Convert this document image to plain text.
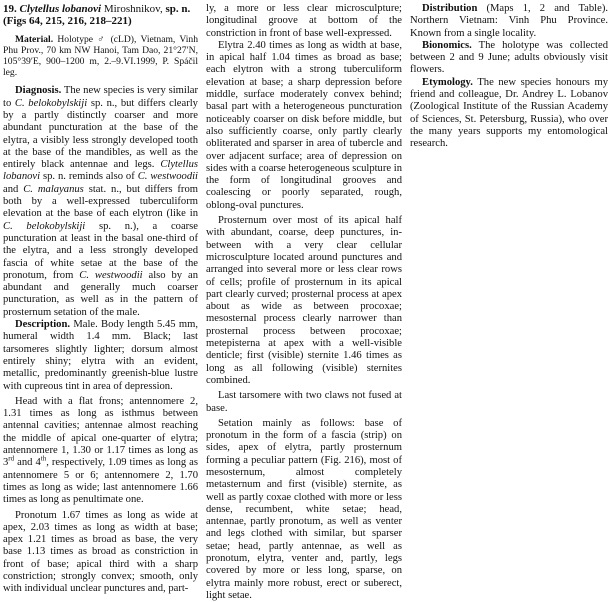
19. Clytellus lobanovi Miroshnikov, sp. n.
(Figs 64, 215, 216, 218–221)

Material. Holotype ♂ (cLD), Vietnam, Vinh Phu Prov., 70 km NW Hanoi, Tam Dao, 21°27′N, 105°39′E, 900–1200 m, 2.–9.VI.1999, P. Spáčil leg.

Diagnosis. The new species is very similar to C. belokobylskiji sp. n., but differs clearly by a partly distinctly coarser and more abundant puncturation at the base of the elytra, a visibly less strongly developed tooth at the base of the mandibles, as well as the entirely black antennae and legs. Clytellus lobanovi sp. n. reminds also of C. westwoodii and C. malayanus stat. n., but differs from both by a well-expressed tuberculiform elevation at the base of each elytron (like in C. belokobylskiji sp. n.), a coarse puncturation at least in the basal one-third of the elytra, and a less strongly developed fascia of white setae at the base of the pronotum, from C. westwoodii also by an abundant and generally much coarser puncturation, as well as in the pattern of prosternum setation of the male.

Description. Male. Body length 5.45 mm, humeral width 1.4 mm. Black; last tarsomeres slightly lighter; dorsum almost entirely shiny; elytra with an evident, metallic, predominantly greenish-blue lustre with cupreous tint in area of depression.

Head with a flat frons; antennomere 2, 1.31 times as long as isthmus between antennal cavities; antennae almost reaching the middle of apical one-quarter of elytra; antennomere 1, 1.30 or 1.17 times as long as 3rd and 4th, respectively, 1.09 times as long as antennomere 5 or 6; antennomere 2, 1.70 times as long as wide; last antennomere 1.66 times as long as penultimate one.

Pronotum 1.67 times as long as wide at apex, 2.03 times as long as width at base; apex 1.21 times as broad as base, the very base 1.13 times as broad as constriction in front of base; apical third with a sharp constriction; strongly convex; smooth, only with individual unclear punctures and, part-

ly, a more or less clear microsculpture; longitudinal groove at bottom of the constriction in front of base well-expressed.

Elytra 2.40 times as long as width at base, in apical half 1.04 times as broad as base; each elytron with a strong tuberculiform elevation at base; a sharp depression before middle, surface moderately convex behind; basal part with a heterogeneous puncturation noticeably coarser on disk before middle, but also sufficiently coarse, only partly clearly obliterated and sparser in area of tubercle and over adjacent surface; area of depression on sides with a coarse heterogeneous sculpture in the form of longitudinal grooves and coalescing or poorly separated, rough, oblong-oval punctures.

Prosternum over most of its apical half with abundant, coarse, deep punctures, in-between with a very clear cellular microsculpture located around punctures and arranged into several more or less clear rows of cells; profile of prosternum in its apical part clearly curved; prosternal process at apex about as wide as between procoxae; mesosternal process clearly narrower than prosternal process between procoxae; metepisterna at apex with a well-visible denticle; first (visible) sternite 1.46 times as long as all following (visible) sternites combined.

Last tarsomere with two claws not fused at base.

Setation mainly as follows: base of pronotum in the form of a fascia (strip) on sides, apex of elytra, partly prosternum forming a peculiar pattern (Fig. 216), most of mesosternum, almost completely metasternum and first (visible) sternite, as well as partly coxae clothed with more or less dense, recumbent, white setae; head, antennae, partly pronotum, as well as venter and legs clothed with similar, but sparser setae; head, partly antennae, as well as pronotum, elytra, venter and, partly, legs covered by more or less long, sparse, on elytra mainly more robust, erect or suberect, light setae.

Distribution (Maps 1, 2 and Table). Northern Vietnam: Vinh Phu Province. Known from a single locality.

Bionomics. The holotype was collected between 2 and 9 June; adults obviously visit flowers.

Etymology. The new species honours my friend and colleague, Dr. Andrey L. Lobanov (Zoological Institute of the Russian Academy of Sciences, St. Petersburg, Russia), who over the many years supports my entomological research.
